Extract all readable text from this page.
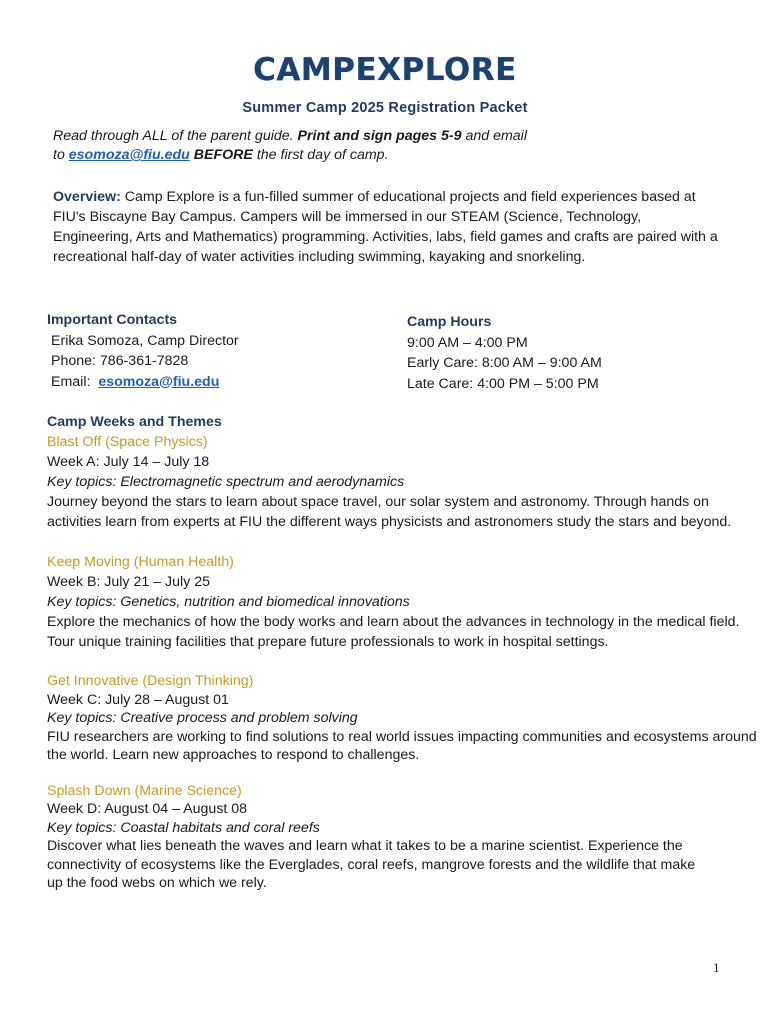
CAMPEXPLORE
Summer Camp 2025 Registration Packet
Read through ALL of the parent guide. Print and sign pages 5-9 and email
to esomoza@fiu.edu BEFORE the first day of camp.
Overview: Camp Explore is a fun-filled summer of educational projects and field experiences based at FIU's Biscayne Bay Campus. Campers will be immersed in our STEAM (Science, Technology, Engineering, Arts and Mathematics) programming. Activities, labs, field games and crafts are paired with a recreational half-day of water activities including swimming, kayaking and snorkeling.
Important Contacts
Erika Somoza, Camp Director
Phone: 786-361-7828
Email:  esomoza@fiu.edu
Camp Hours
9:00 AM – 4:00 PM
Early Care: 8:00 AM – 9:00 AM
Late Care: 4:00 PM – 5:00 PM
Camp Weeks and Themes
Blast Off (Space Physics)
Week A: July 14 – July 18
Key topics: Electromagnetic spectrum and aerodynamics
Journey beyond the stars to learn about space travel, our solar system and astronomy. Through hands on activities learn from experts at FIU the different ways physicists and astronomers study the stars and beyond.
Keep Moving (Human Health)
Week B: July 21 – July 25
Key topics: Genetics, nutrition and biomedical innovations
Explore the mechanics of how the body works and learn about the advances in technology in the medical field. Tour unique training facilities that prepare future professionals to work in hospital settings.
Get Innovative (Design Thinking)
Week C: July 28 – August 01
Key topics: Creative process and problem solving
FIU researchers are working to find solutions to real world issues impacting communities and ecosystems around the world. Learn new approaches to respond to challenges.
Splash Down (Marine Science)
Week D: August 04 – August 08
Key topics: Coastal habitats and coral reefs
Discover what lies beneath the waves and learn what it takes to be a marine scientist. Experience the connectivity of ecosystems like the Everglades, coral reefs, mangrove forests and the wildlife that make up the food webs on which we rely.
1
